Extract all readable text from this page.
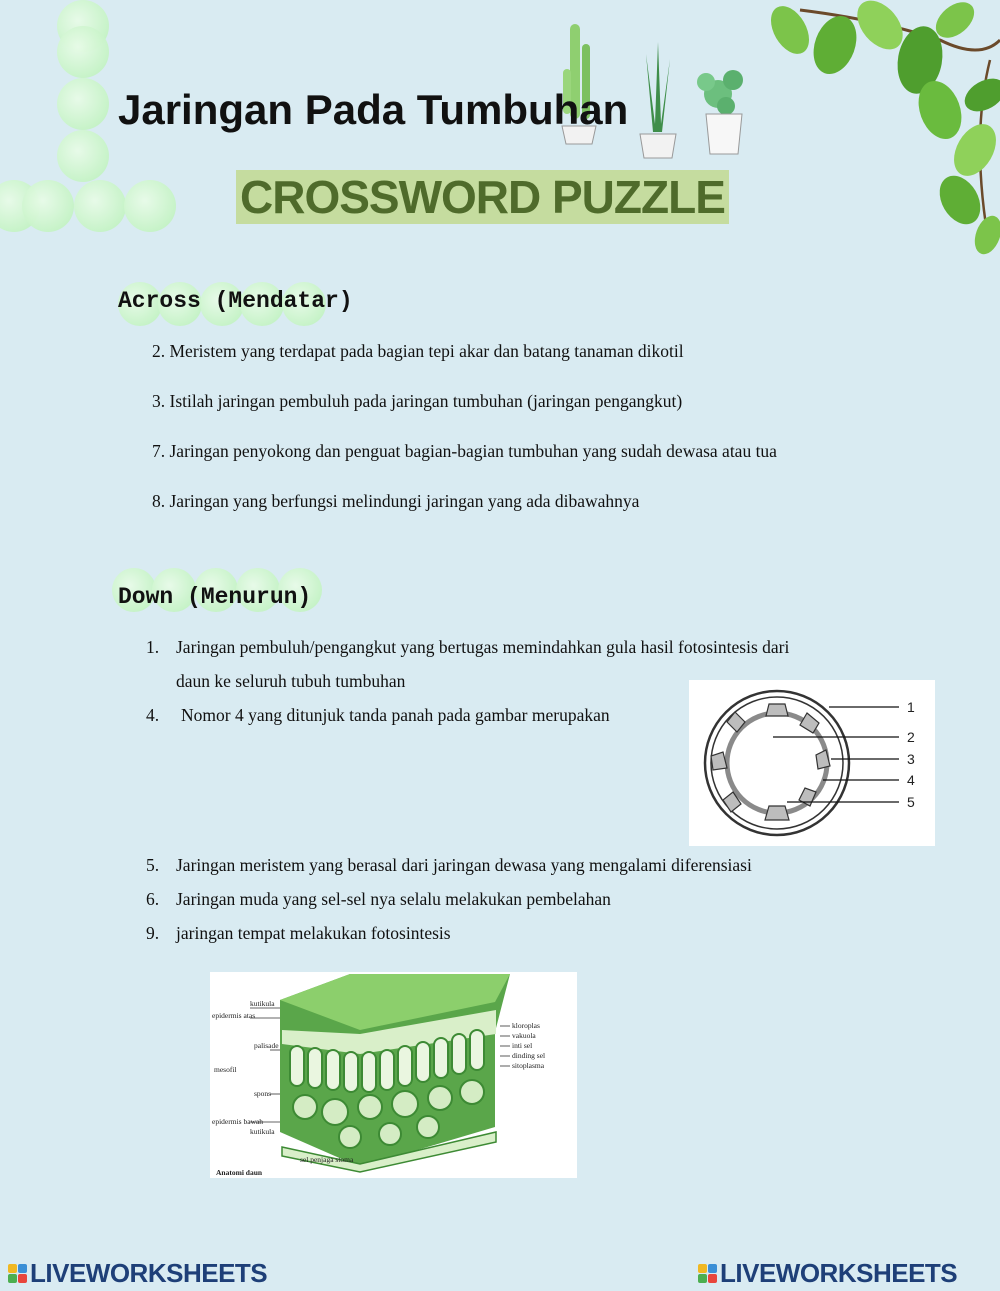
Jaringan Pada Tumbuhan
CROSSWORD PUZZLE
Across (Mendatar)
2. Meristem yang terdapat pada bagian tepi akar dan batang tanaman dikotil
3. Istilah jaringan pembuluh pada jaringan tumbuhan (jaringan pengangkut)
7. Jaringan penyokong dan penguat bagian-bagian tumbuhan yang sudah dewasa atau tua
8. Jaringan yang berfungsi melindungi jaringan yang ada dibawahnya
Down (Menurun)
1. Jaringan pembuluh/pengangkut yang bertugas memindahkan gula hasil fotosintesis dari
daun ke seluruh tubuh tumbuhan
4. Nomor 4 yang ditunjuk tanda panah pada gambar merupakan
5. Jaringan meristem yang berasal dari jaringan dewasa yang mengalami diferensiasi
6. Jaringan muda yang sel-sel nya selalu melakukan pembelahan
9. jaringan tempat melakukan fotosintesis
1
2
3
4
5
kutikula
epidermis atas
palisade
mesofil
spons
epidermis bawah
kutikula
kloroplas
vakuola
inti sel
dinding sel
sitoplasma
sel penjaga stoma
Anatomi daun
LIVEWORKSHEETS	LIVEWORKSHEETS
